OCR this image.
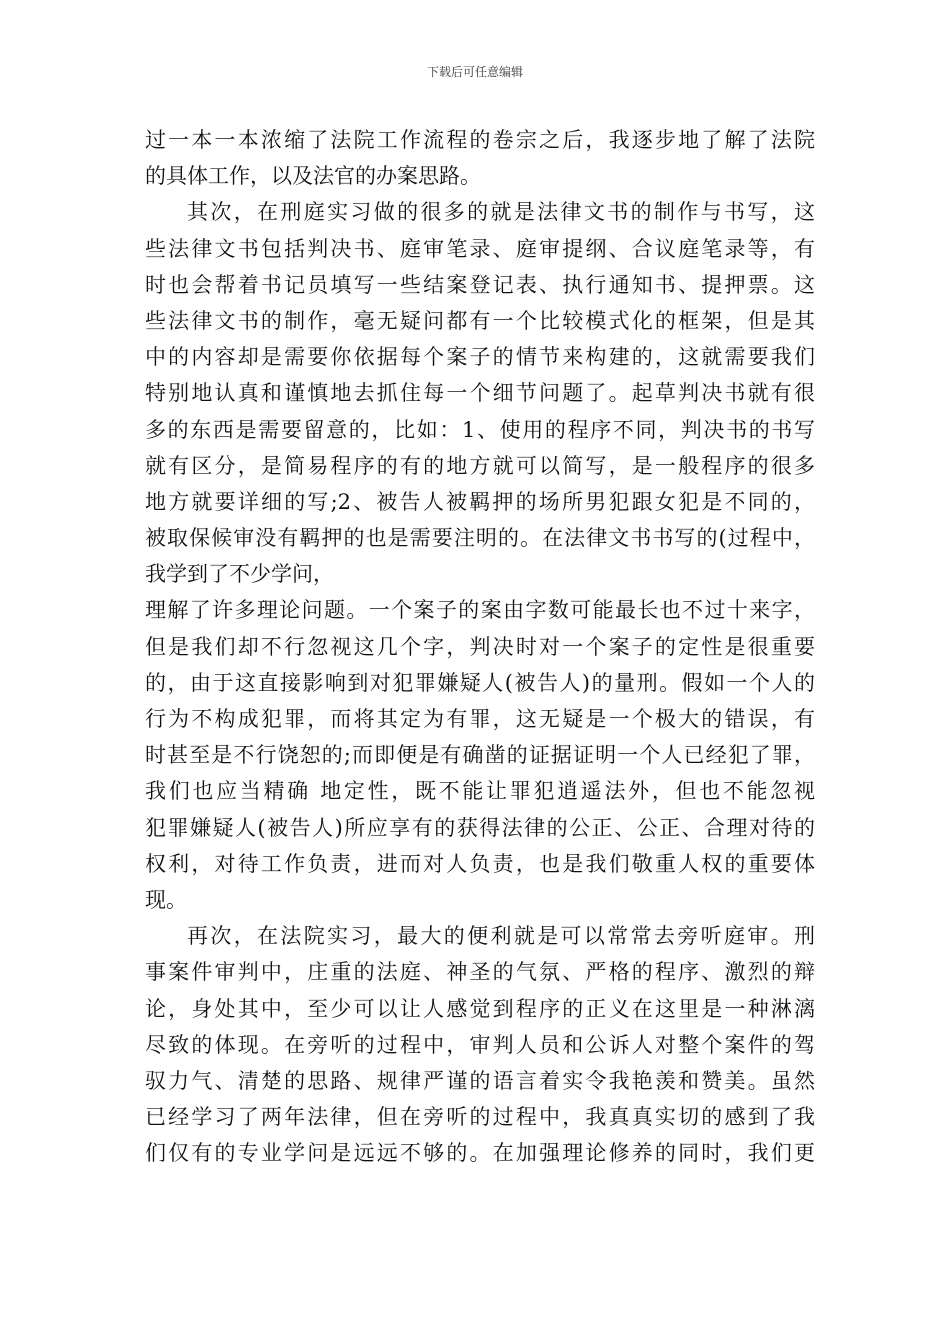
下载后可任意编辑
过一本一本浓缩了法院工作流程的卷宗之后，我逐步地了解了法院
的具体工作，以及法官的办案思路。
其次，在刑庭实习做的很多的就是法律文书的制作与书写，这
些法律文书包括判决书、庭审笔录、庭审提纲、合议庭笔录等，有
时也会帮着书记员填写一些结案登记表、执行通知书、提押票。这
些法律文书的制作，毫无疑问都有一个比较模式化的框架，但是其
中的内容却是需要你依据每个案子的情节来构建的，这就需要我们
特别地认真和谨慎地去抓住每一个细节问题了。起草判决书就有很
多的东西是需要留意的，比如：1、使用的程序不同，判决书的书写
就有区分，是简易程序的有的地方就可以简写，是一般程序的很多
地方就要详细的写;2、被告人被羁押的场所男犯跟女犯是不同的，
被取保候审没有羁押的也是需要注明的。在法律文书书写的(过程中，
我学到了不少学问，
理解了许多理论问题。一个案子的案由字数可能最长也不过十来字，
但是我们却不行忽视这几个字，判决时对一个案子的定性是很重要
的，由于这直接影响到对犯罪嫌疑人(被告人)的量刑。假如一个人的
行为不构成犯罪，而将其定为有罪，这无疑是一个极大的错误，有
时甚至是不行饶恕的;而即便是有确凿的证据证明一个人已经犯了罪，
我们也应当精确 地定性，既不能让罪犯逍遥法外，但也不能忽视
犯罪嫌疑人(被告人)所应享有的获得法律的公正、公正、合理对待的
权利，对待工作负责，进而对人负责，也是我们敬重人权的重要体
现。
再次，在法院实习，最大的便利就是可以常常去旁听庭审。刑
事案件审判中，庄重的法庭、神圣的气氛、严格的程序、激烈的辩
论，身处其中，至少可以让人感觉到程序的正义在这里是一种淋漓
尽致的体现。在旁听的过程中，审判人员和公诉人对整个案件的驾
驭力气、清楚的思路、规律严谨的语言着实令我艳羡和赞美。虽然
已经学习了两年法律，但在旁听的过程中，我真真实切的感到了我
们仅有的专业学问是远远不够的。在加强理论修养的同时，我们更
